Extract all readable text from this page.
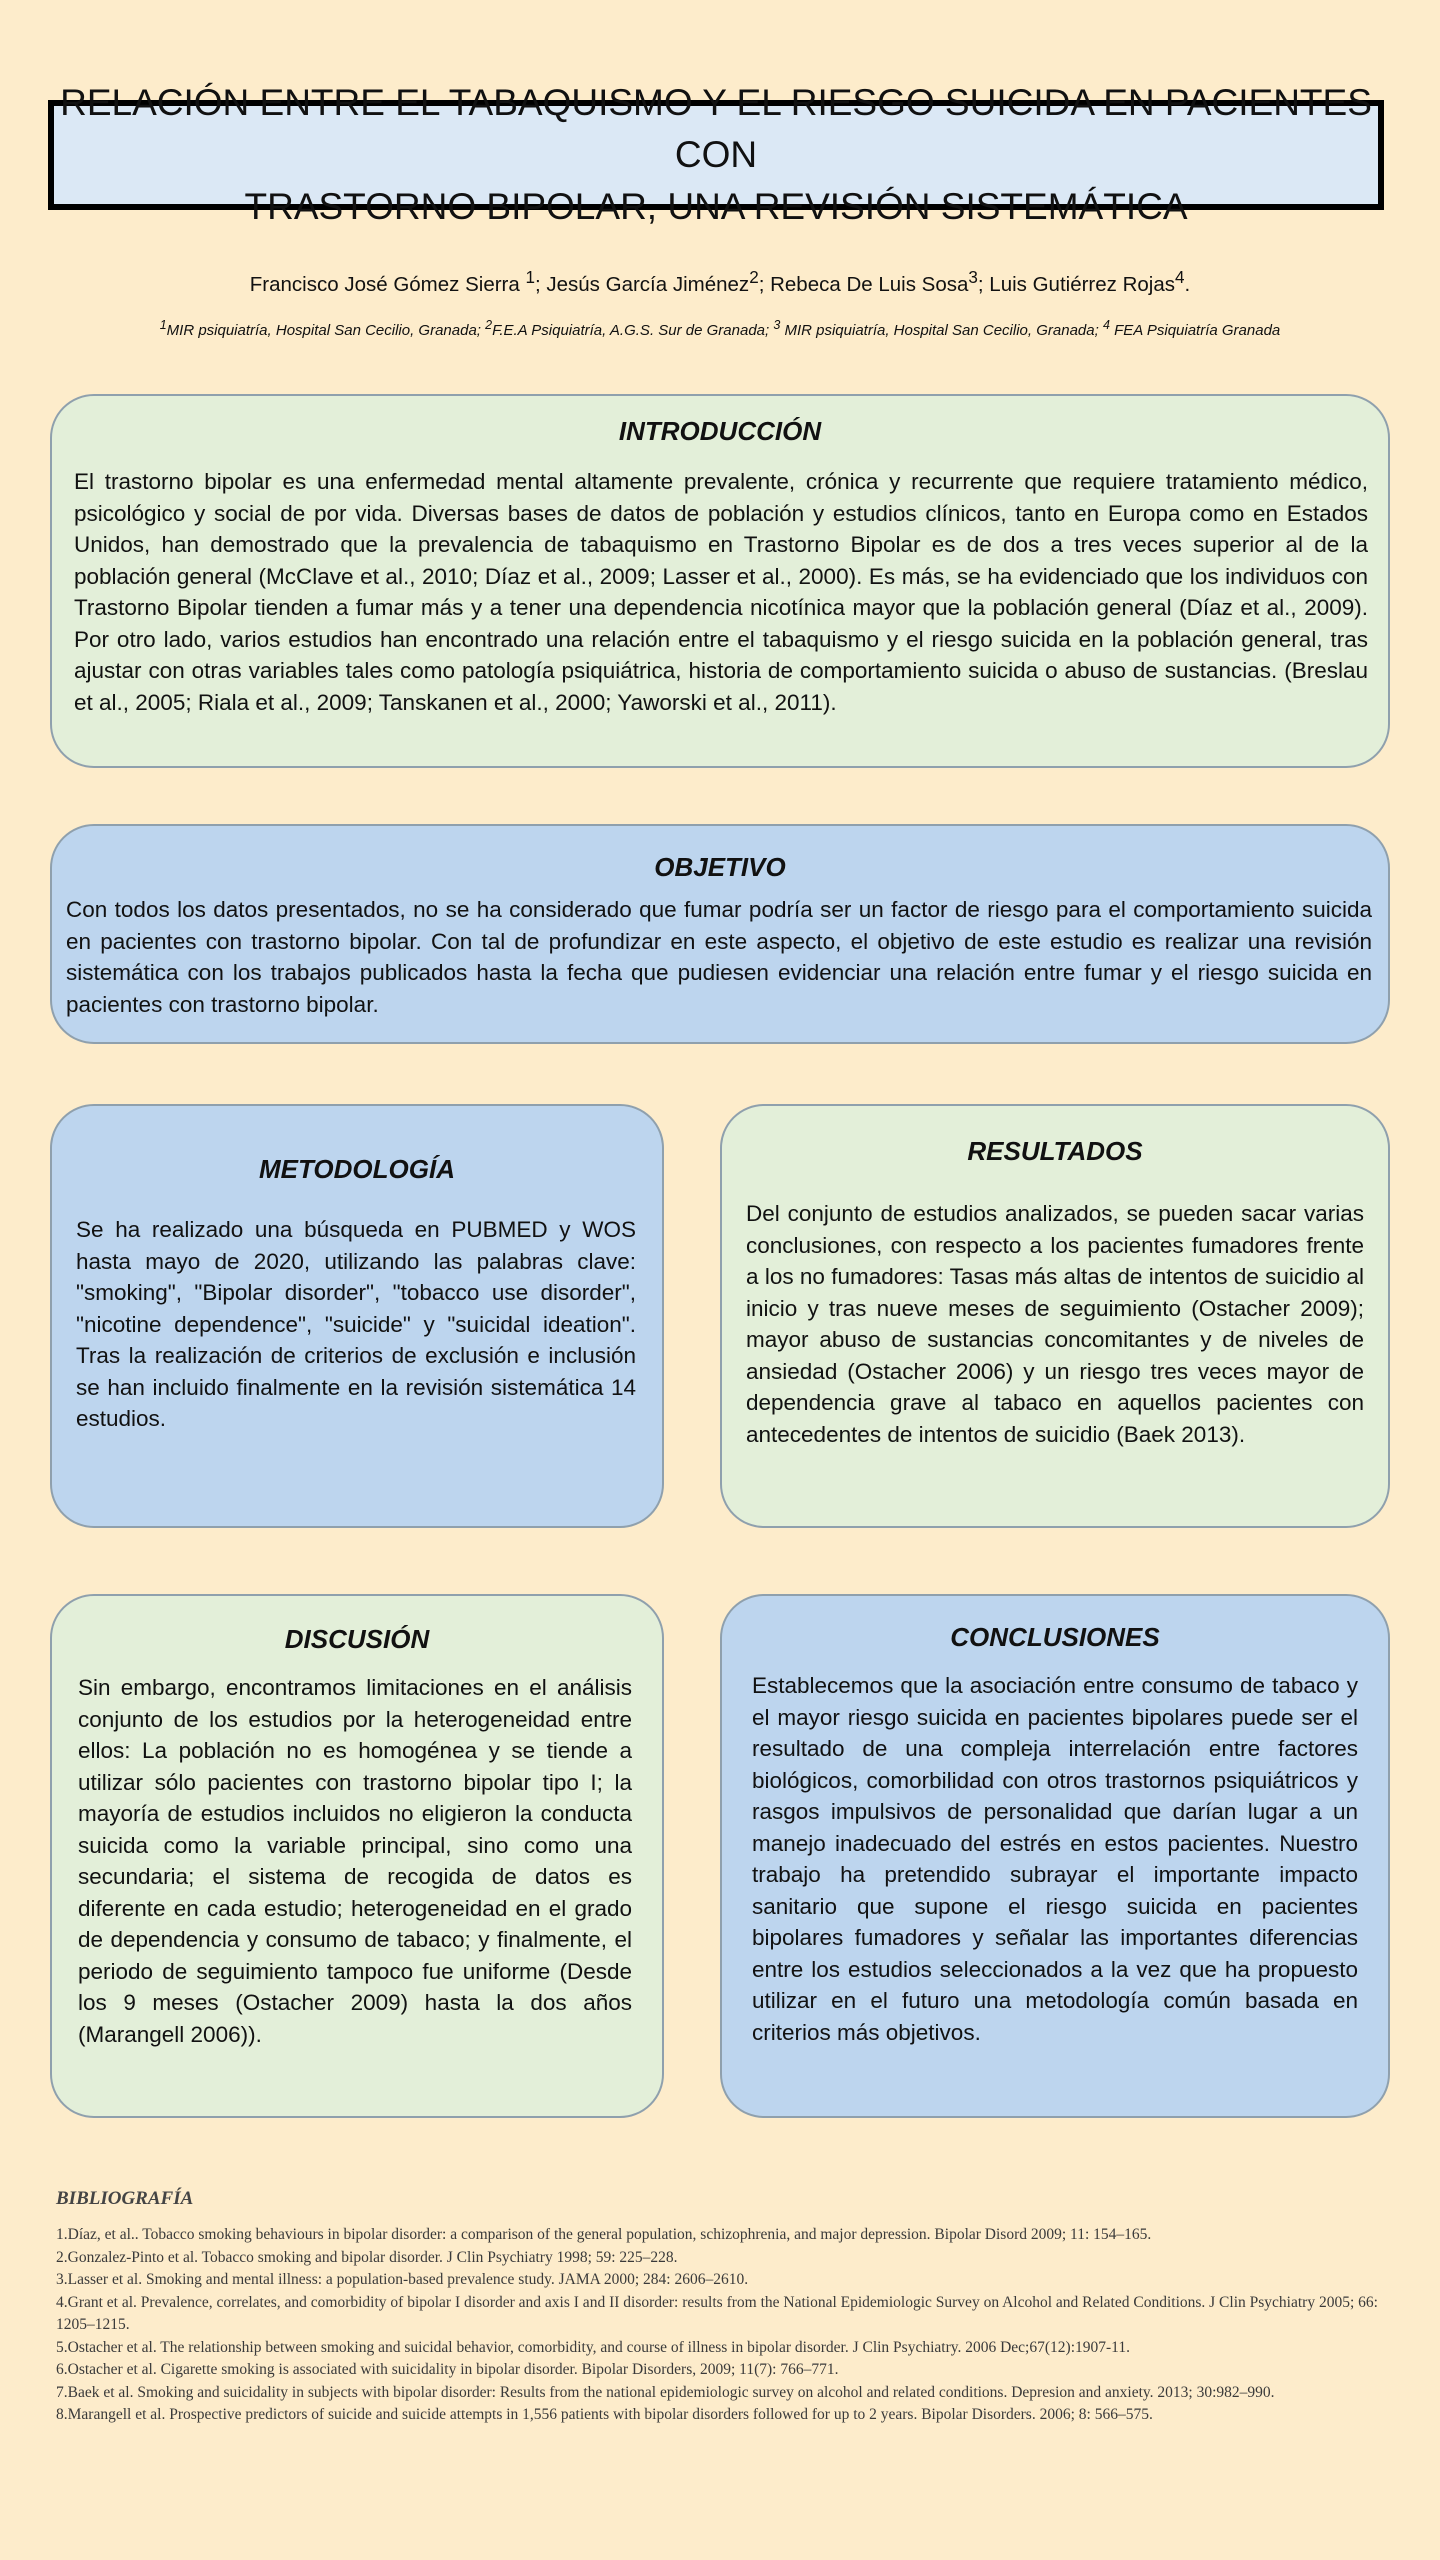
RELACIÓN ENTRE EL TABAQUISMO Y EL RIESGO SUICIDA EN PACIENTES CON
TRASTORNO BIPOLAR, UNA REVISIÓN SISTEMÁTICA
Francisco José Gómez Sierra $^1$; Jesús García Jiménez$^2$; Rebeca De Luis Sosa$^3$; Luis Gutiérrez Rojas$^4$.
$^1$MIR psiquiatría, Hospital San Cecilio, Granada; $^2$F.E.A Psiquiatría, A.G.S. Sur de Granada; $^3$ MIR psiquiatría, Hospital San Cecilio, Granada; $^4$ FEA Psiquiatría Granada
INTRODUCCIÓN

El trastorno bipolar es una enfermedad mental altamente prevalente, crónica y recurrente que requiere tratamiento médico, psicológico y social de por vida. Diversas bases de datos de población y estudios clínicos, tanto en Europa como en Estados Unidos, han demostrado que la prevalencia de tabaquismo en Trastorno Bipolar es de dos a tres veces superior al de la población general (McClave et al., 2010; Díaz et al., 2009; Lasser et al., 2000). Es más, se ha evidenciado que los individuos con Trastorno Bipolar tienden a fumar más y a tener una dependencia nicotínica mayor que la población general (Díaz et al., 2009). Por otro lado, varios estudios han encontrado una relación entre el tabaquismo y el riesgo suicida en la población general, tras ajustar con otras variables tales como patología psiquiátrica, historia de comportamiento suicida o abuso de sustancias. (Breslau et al., 2005; Riala et al., 2009; Tanskanen et al., 2000; Yaworski et al., 2011).

OBJETIVO

Con todos los datos presentados, no se ha considerado que fumar podría ser un factor de riesgo para el comportamiento suicida en pacientes con trastorno bipolar. Con tal de profundizar en este aspecto, el objetivo de este estudio es realizar una revisión sistemática con los trabajos publicados hasta la fecha que pudiesen evidenciar una relación entre fumar y el riesgo suicida en pacientes con trastorno bipolar.

METODOLOGÍA

Se ha realizado una búsqueda en PUBMED y WOS hasta mayo de 2020, utilizando las palabras clave: "smoking", "Bipolar disorder", "tobacco use disorder", "nicotine dependence", "suicide" y "suicidal ideation". Tras la realización de criterios de exclusión e inclusión se han incluido finalmente en la revisión sistemática 14 estudios.

RESULTADOS

Del conjunto de estudios analizados, se pueden sacar varias conclusiones, con respecto a los pacientes fumadores frente a los no fumadores: Tasas más altas de intentos de suicidio al inicio y tras nueve meses de seguimiento (Ostacher 2009); mayor abuso de sustancias concomitantes y de niveles de ansiedad (Ostacher 2006) y un riesgo tres veces mayor de dependencia grave al tabaco en aquellos pacientes con antecedentes de intentos de suicidio (Baek 2013).

DISCUSIÓN

Sin embargo, encontramos limitaciones en el análisis conjunto de los estudios por la heterogeneidad entre ellos: La población no es homogénea y se tiende a utilizar sólo pacientes con trastorno bipolar tipo I; la mayoría de estudios incluidos no eligieron la conducta suicida como la variable principal, sino como una secundaria; el sistema de recogida de datos es diferente en cada estudio; heterogeneidad en el grado de dependencia y consumo de tabaco; y finalmente, el periodo de seguimiento tampoco fue uniforme (Desde los 9 meses (Ostacher 2009) hasta la dos años (Marangell 2006)).

CONCLUSIONES

Establecemos que la asociación entre consumo de tabaco y el mayor riesgo suicida en pacientes bipolares puede ser el resultado de una compleja interrelación entre factores biológicos, comorbilidad con otros trastornos psiquiátricos y rasgos impulsivos de personalidad que darían lugar a un manejo inadecuado del estrés en estos pacientes. Nuestro trabajo ha pretendido subrayar el importante impacto sanitario que supone el riesgo suicida en pacientes bipolares fumadores y señalar las importantes diferencias entre los estudios seleccionados a la vez que ha propuesto utilizar en el futuro una metodología común basada en criterios más objetivos.

BIBLIOGRAFÍA
1.Díaz, et al.. Tobacco smoking behaviours in bipolar disorder: a comparison of the general population, schizophrenia, and major depression. Bipolar Disord 2009; 11: 154–165.
2.Gonzalez-Pinto et al. Tobacco smoking and bipolar disorder. J Clin Psychiatry 1998; 59: 225–228.
3.Lasser et al. Smoking and mental illness: a population-based prevalence study. JAMA 2000; 284: 2606–2610.
4.Grant et al. Prevalence, correlates, and comorbidity of bipolar I disorder and axis I and II disorder: results from the National Epidemiologic Survey on Alcohol and Related Conditions. J Clin Psychiatry 2005; 66: 1205–1215.
5.Ostacher et al. The relationship between smoking and suicidal behavior, comorbidity, and course of illness in bipolar disorder. J Clin Psychiatry. 2006 Dec;67(12):1907-11.
6.Ostacher et al. Cigarette smoking is associated with suicidality in bipolar disorder. Bipolar Disorders, 2009; 11(7): 766–771.
7.Baek et al. Smoking and suicidality in subjects with bipolar disorder: Results from the national epidemiologic survey on alcohol and related conditions. Depresion and anxiety. 2013; 30:982–990.
8.Marangell et al. Prospective predictors of suicide and suicide attempts in 1,556 patients with bipolar disorders followed for up to 2 years. Bipolar Disorders. 2006; 8: 566–575.
